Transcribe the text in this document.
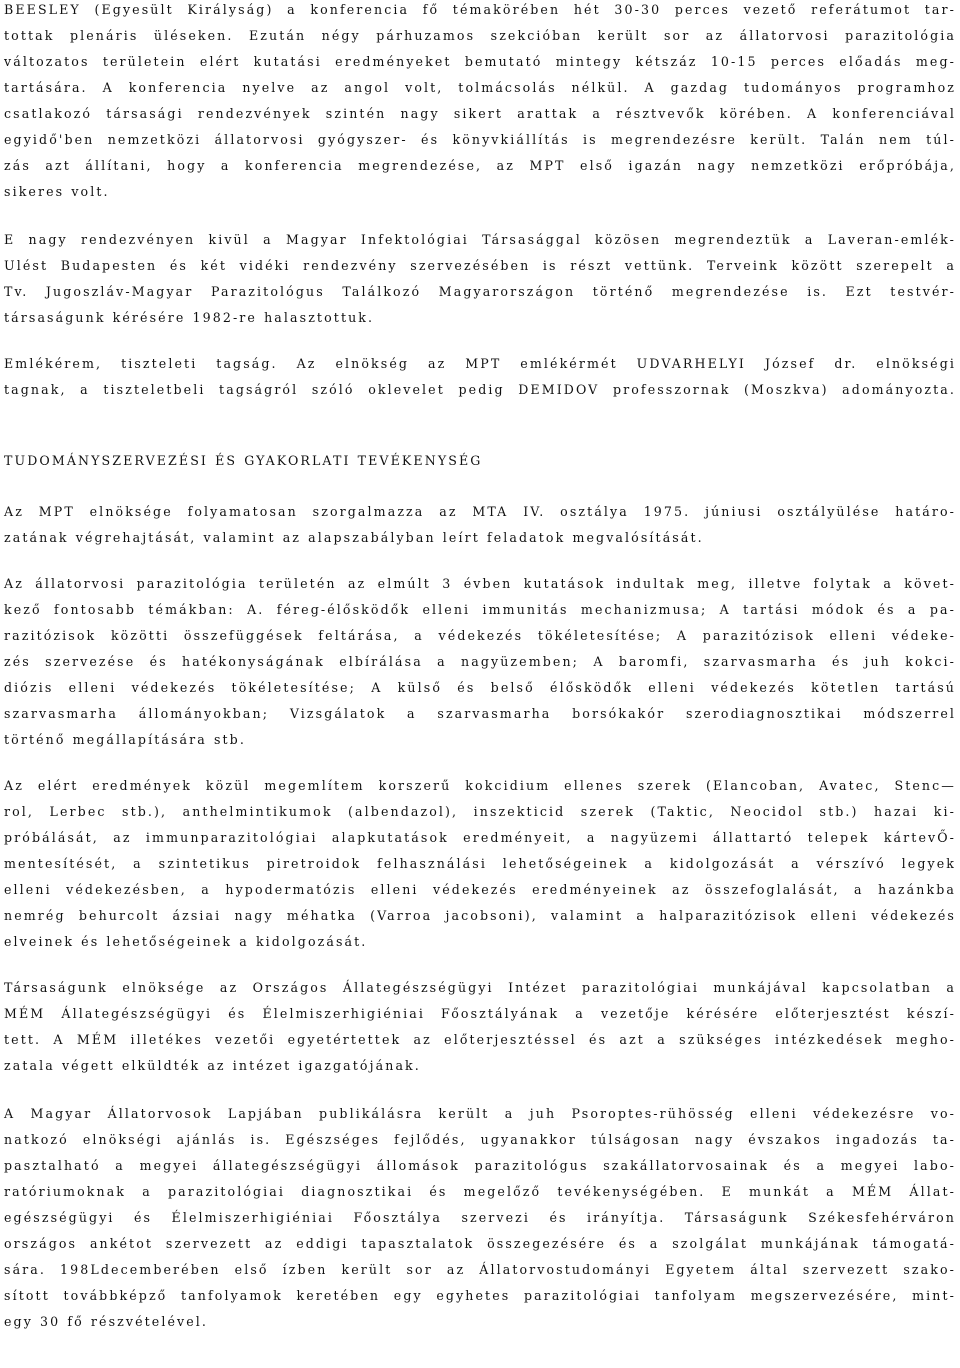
BEESLEY (Egyesült Királyság) a konferencia fő témakörében hét 30-30 perces vezető referátumot tar-
tottak plenáris üléseken. Ezután négy párhuzamos szekcióban került sor az állatorvosi parazitológia
változatos területein elért kutatási eredményeket bemutató mintegy kétszáz 10-15 perces előadás meg-
tartására. A konferencia nyelve az angol volt, tolmácsolás nélkül. A gazdag tudományos programhoz
csatlakozó társasági rendezvények szintén nagy sikert arattak a résztvevők körében. A konferenciával
egyidő'ben nemzetközi állatorvosi gyógyszer- és könyvkiállítás is megrendezésre került. Talán nem túl-
zás azt állítani, hogy a konferencia megrendezése, az MPT első igazán nagy nemzetközi erőpróbája,
sikeres volt.
E nagy rendezvényen kivül a Magyar Infektológiai Társasággal közösen megrendeztük a Laveran-emlék-
Ulést Budapesten és két vidéki rendezvény szervezésében is részt vettünk. Terveink között szerepelt a
Tv. Jugoszláv-Magyar Parazitológus Találkozó Magyarországon történő megrendezése is. Ezt testvér-
társaságunk kérésére 1982-re halasztottuk.
Emlékérem, tiszteleti tagság. Az elnökség az MPT emlékérmét UDVARHELYI József dr. elnökségi
tagnak, a tiszteletbeli tagságról szóló oklevelet pedig DEMIDOV professzornak (Moszkva) adományozta.
TUDOMÁNYSZERVEZÉSI ÉS GYAKORLATI TEVÉKENYSÉG
Az MPT elnöksége folyamatosan szorgalmazza az MTA IV. osztálya 1975. júniusi osztályülése határo-
zatának végrehajtását, valamint az alapszabályban leírt feladatok megvalósítását.
Az állatorvosi parazitológia területén az elmúlt 3 évben kutatások indultak meg, illetve folytak a követ-
kező fontosabb témákban: A. féreg-élősködők elleni immunitás mechanizmusa; A tartási módok és a pa-
razitózisok közötti összefüggések feltárása, a védekezés tökéletesítése; A parazitózisok elleni védeke-
zés szervezése és hatékonyságának elbírálása a nagyüzemben; A baromfi, szarvasmarha és juh kokci-
diózis elleni védekezés tökéletesítése; A külső és belső élősködők elleni védekezés kötetlen tartású
szarvasmarha állományokban; Vizsgálatok a szarvasmarha borsókakór szerodiagnosztikai módszerrel
történő megállapítására stb.
Az elért eredmények közül megemlítem korszerű kokcidium ellenes szerek (Elancoban, Avatec, Stenc—
rol, Lerbec stb.), anthelmintikumok (albendazol), inszekticid szerek (Taktic, Neocidol stb.) hazai ki-
próbálását, az immunparazitológiai alapkutatások eredményeit, a nagyüzemi állattartó telepek kártevŐ-
mentesítését, a szintetikus piretroidok felhasználási lehetőségeinek a kidolgozását a vérszívó legyek
elleni védekezésben, a hypodermatózis elleni védekezés eredményeinek az összefoglalását, a hazánkba
nemrég behurcolt ázsiai nagy méhatka (Varroa jacobsoni), valamint a halparazitózisok elleni védekezés
elveinek és lehetőségeinek a kidolgozását.
Társaságunk elnöksége az Országos Állategészségügyi Intézet parazitológiai munkájával kapcsolatban a
MÉM Állategészségügyi és Élelmiszerhigiéniai Főosztályának a vezetője kérésére előterjesztést készí-
tett. A MÉM illetékes vezetői egyetértettek az előterjesztéssel és azt a szükséges intézkedések megho-
zatala végett elküldték az intézet igazgatójának.
A Magyar Állatorvosok Lapjában publikálásra került a juh Psoroptes-rühösség elleni védekezésre vo-
natkozó elnökségi ajánlás is. Egészséges fejlődés, ugyanakkor túlságosan nagy évszakos ingadozás ta-
pasztalható a megyei állategészségügyi állomások parazitológus szakállatorvosainak és a megyei labo-
ratóriumoknak a parazitológiai diagnosztikai és megelőző tevékenységében. E munkát a MÉM Állat-
egészségügyi és Élelmiszerhigiéniai Főosztálya szervezi és irányítja. Társaságunk Székesfehérváron
országos ankétot szervezett az eddigi tapasztalatok összegezésére és a szolgálat munkájának támogatá-
sára. 198Ldecemberében első ízben került sor az Állatorvostudományi Egyetem által szervezett szako-
sított továbbképző tanfolyamok keretében egy egyhetes parazitológiai tanfolyam megszervezésére, mint-
egy 30 fő részvételével.
